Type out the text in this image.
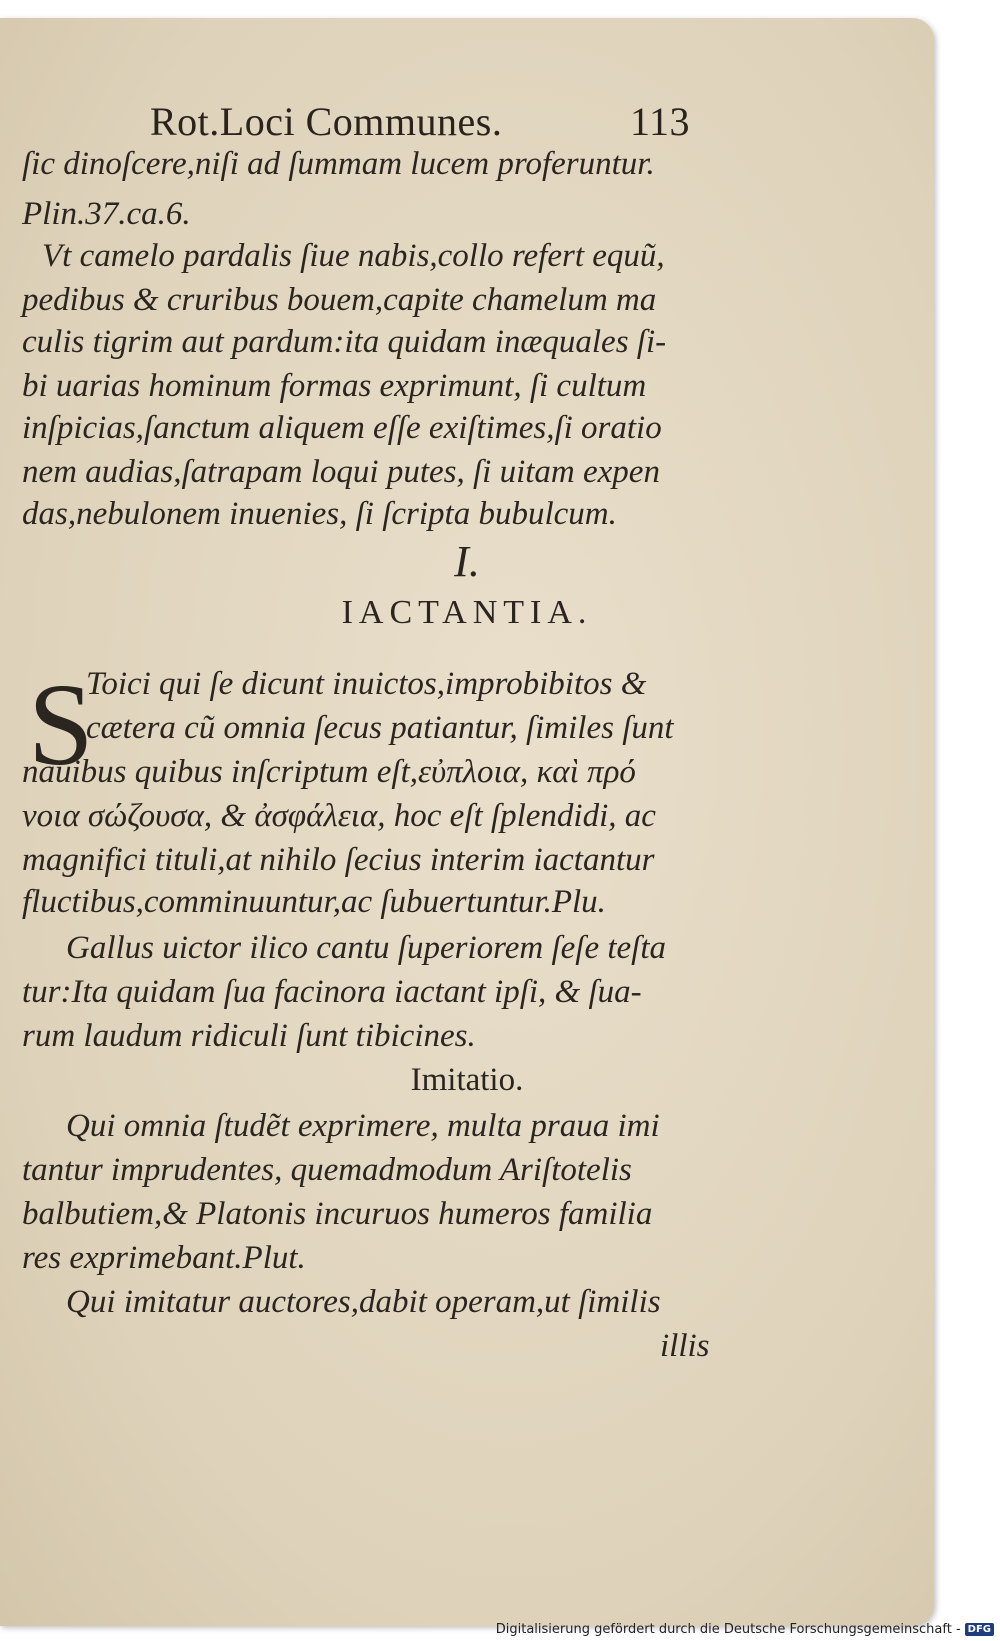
Rot.Loci Communes.	113
ſic dinoſcere,niſi ad ſummam lucem proferuntur.
Plin.37.ca.6.
Vt camelo pardalis ſiue nabis,collo refert equũ,
pedibus & cruribus bouem,capite chamelum ma
culis tigrim aut pardum:ita quidam inæquales ſi-
bi uarias hominum formas exprimunt, ſi cultum
inſpicias,ſanctum aliquem eſſe exiſtimes,ſi oratio
nem audias,ſatrapam loqui putes, ſi uitam expen
das,nebulonem inuenies, ſi ſcripta bubulcum.
I.
IACTANTIA.
S
Toici qui ſe dicunt inuictos,improbibitos &
cætera cũ omnia ſecus patiantur, ſimiles ſunt
nauibus quibus inſcriptum eſt,εὐπλοια, καὶ πρό
νοια σώζουσα, & ἀσφάλεια, hoc eſt ſplendidi, ac
magnifici tituli,at nihilo ſecius interim iactantur
fluctibus,comminuuntur,ac ſubuertuntur.Plu.
Gallus uictor ilico cantu ſuperiorem ſeſe teſta
tur:Ita quidam ſua facinora iactant ipſi, & ſua-
rum laudum ridiculi ſunt tibicines.
Imitatio.
Qui omnia ſtudẽt exprimere, multa praua imi
tantur imprudentes, quemadmodum Ariſtotelis
balbutiem,& Platonis incuruos humeros familia
res exprimebant.Plut.
Qui imitatur auctores,dabit operam,ut ſimilis
illis
Digitalisierung gefördert durch die Deutsche Forschungsgemeinschaft - DFG
